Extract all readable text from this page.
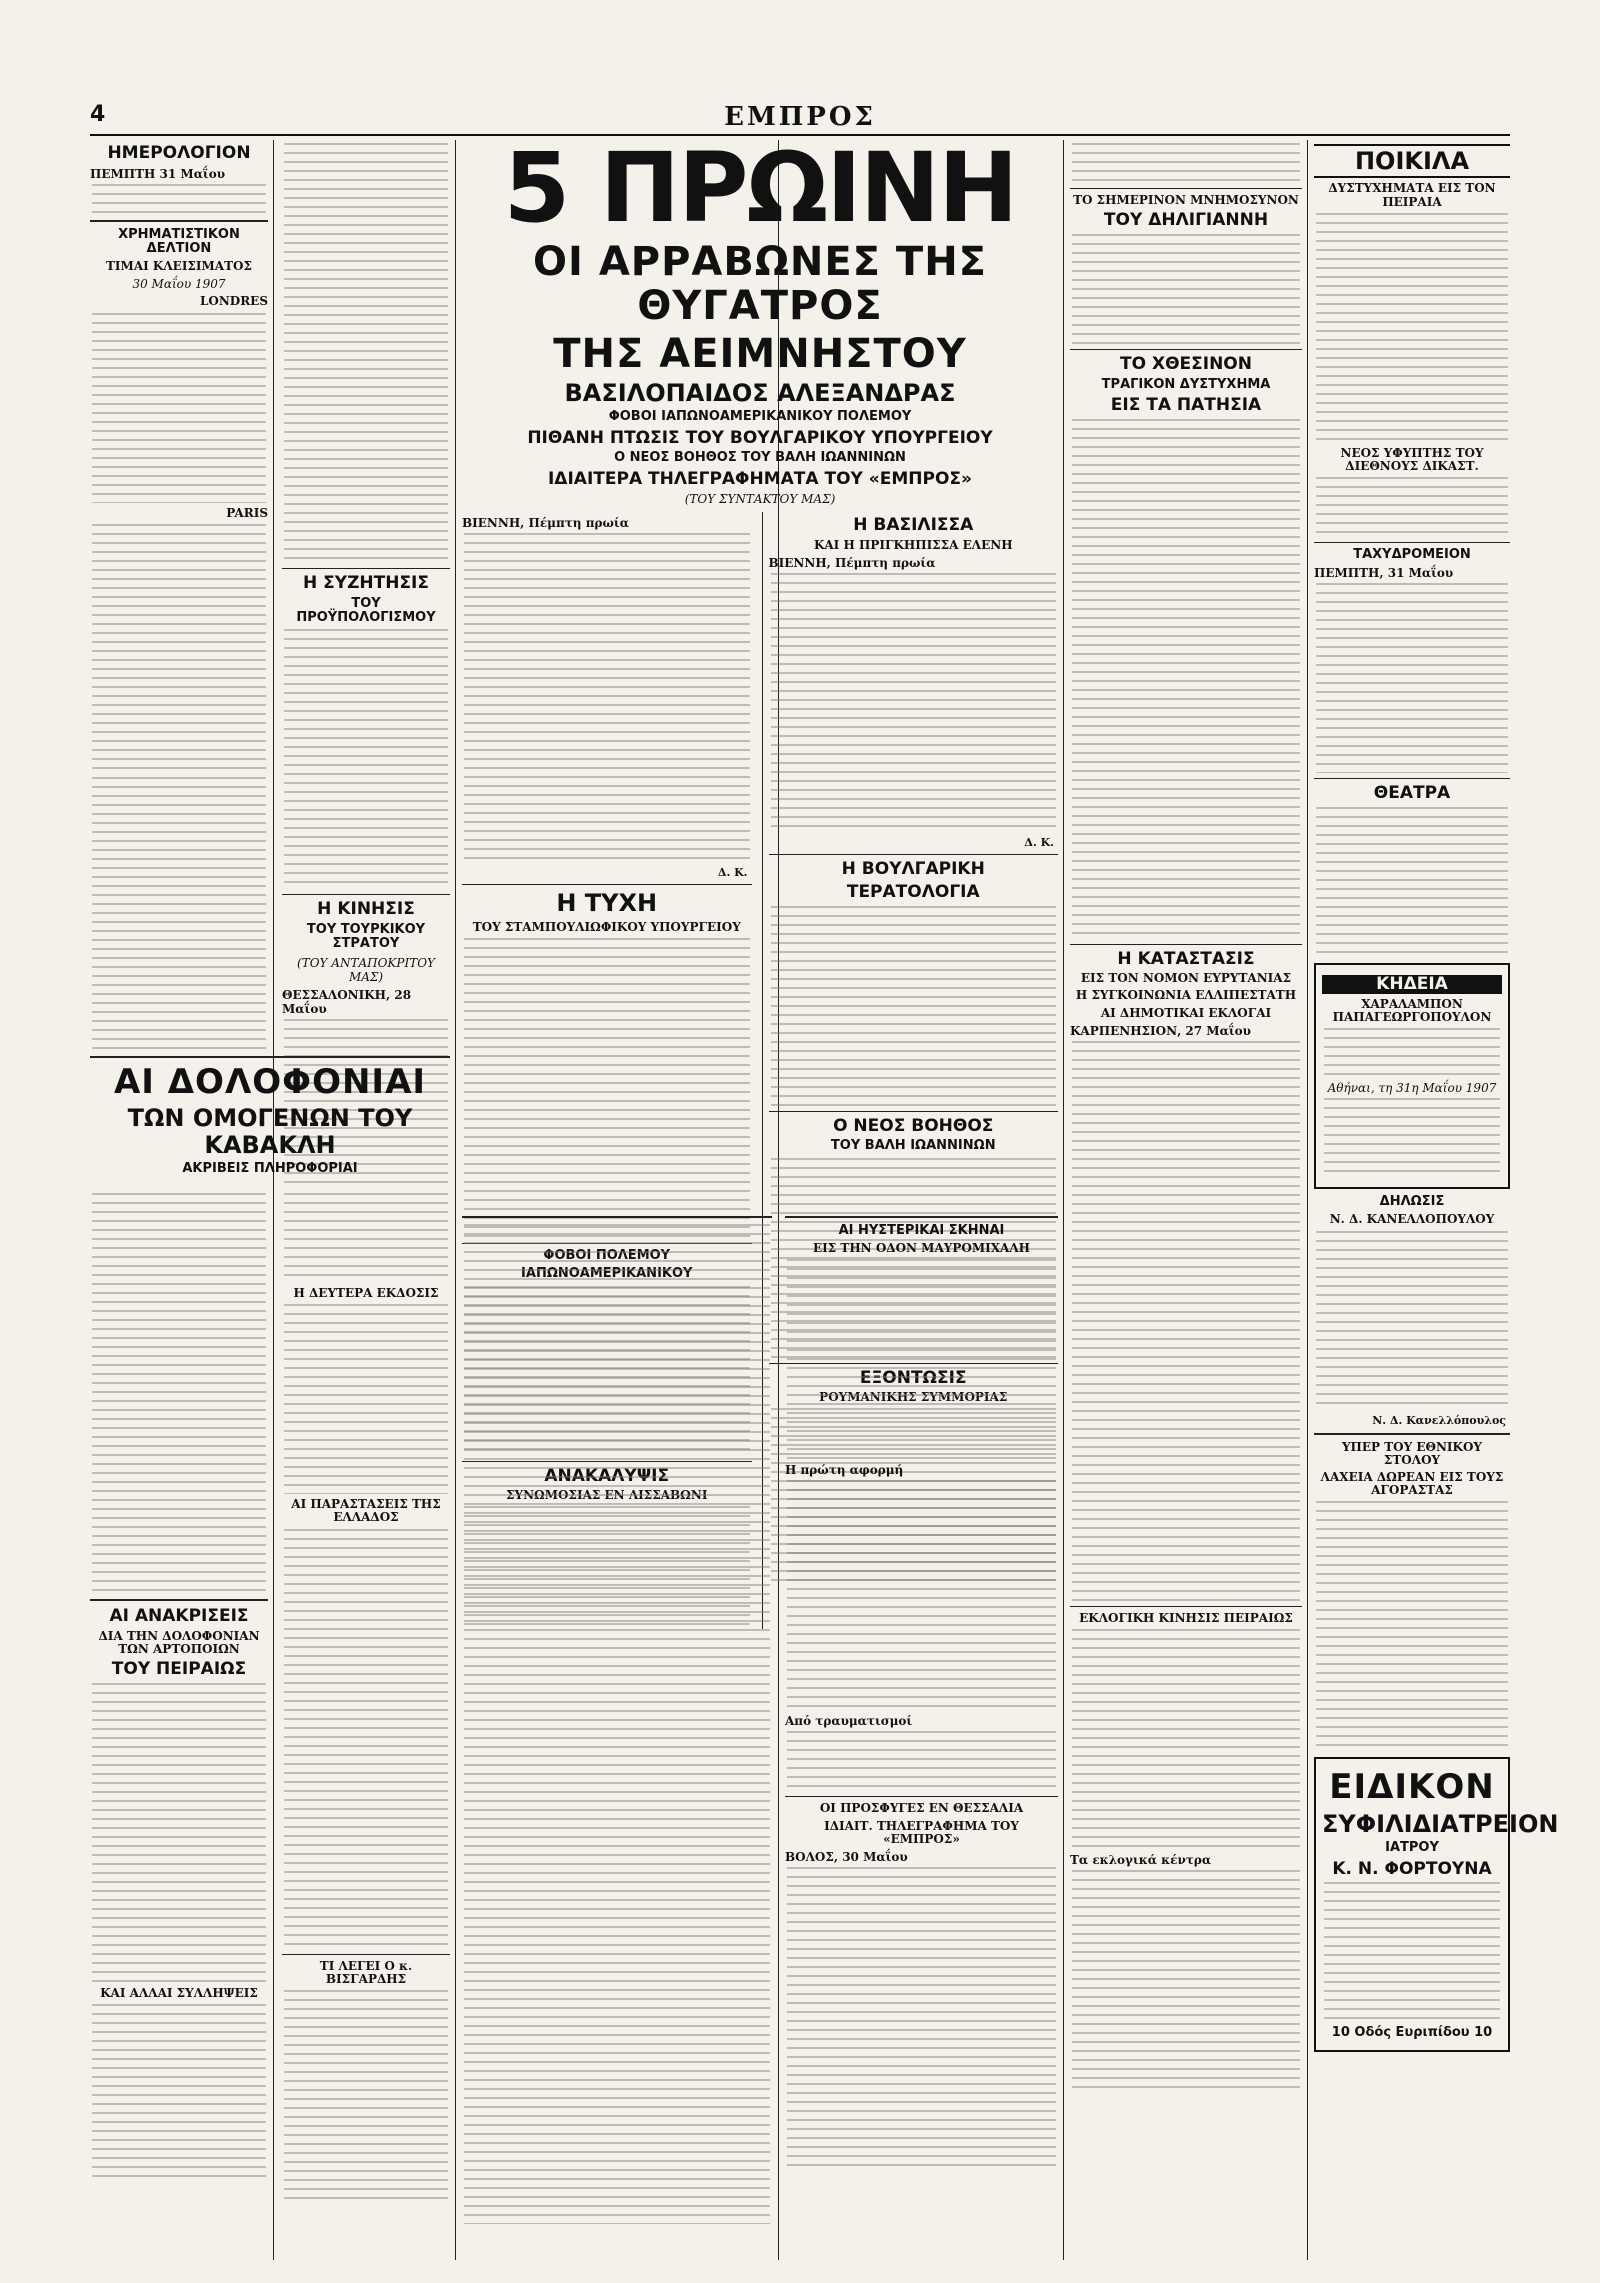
4	ΕΜΠΡΟΣ
ΗΜΕΡΟΛΟΓΙΟΝ
ΠΕΜΠΤΗ 31 Μαΐου
ΧΡΗΜΑΤΙΣΤΙΚΟΝ ΔΕΛΤΙΟΝ
ΤΙΜΑΙ ΚΛΕΙΣΙΜΑΤΟΣ
30 Μαΐου 1907
LONDRES
PARIS
Η ΣΥΖΗΤΗΣΙΣ
ΤΟΥ ΠΡΟΫΠΟΛΟΓΙΣΜΟΥ
Η ΚΙΝΗΣΙΣ
ΤΟΥ ΤΟΥΡΚΙΚΟΥ ΣΤΡΑΤΟΥ
(ΤΟΥ ΑΝΤΑΠΟΚΡΙΤΟΥ ΜΑΣ)
ΘΕΣΣΑΛΟΝΙΚΗ, 28 Μαΐου
ΑΙ ΔΟΛΟΦΟΝΙΑΙ
ΤΩΝ ΟΜΟΓΕΝΩΝ ΤΟΥ ΚΑΒΑΚΛΗ
ΑΚΡΙΒΕΙΣ ΠΛΗΡΟΦΟΡΙΑΙ
ΑΙ ΑΝΑΚΡΙΣΕΙΣ
ΔΙΑ ΤΗΝ ΔΟΛΟΦΟΝΙΑΝ ΤΩΝ ΑΡΤΟΠΟΙΩΝ
ΤΟΥ ΠΕΙΡΑΙΩΣ
ΚΑΙ ΑΛΛΑΙ ΣΥΛΛΗΨΕΙΣ
Η ΔΕΥΤΕΡΑ ΕΚΔΟΣΙΣ
ΑΙ ΠΑΡΑΣΤΑΣΕΙΣ ΤΗΣ ΕΛΛΑΔΟΣ
ΤΙ ΛΕΓΕΙ Ο κ. ΒΙΣΓΑΡΔΗΣ
5 ΠΡΩΙΝΗ
ΟΙ ΑΡΡΑΒΩΝΕΣ ΤΗΣ ΘΥΓΑΤΡΟΣ
ΤΗΣ ΑΕΙΜΝΗΣΤΟΥ
ΒΑΣΙΛΟΠΑΙΔΟΣ ΑΛΕΞΑΝΔΡΑΣ
ΦΟΒΟΙ ΙΑΠΩΝΟΑΜΕΡΙΚΑΝΙΚΟΥ ΠΟΛΕΜΟΥ
ΠΙΘΑΝΗ ΠΤΩΣΙΣ ΤΟΥ ΒΟΥΛΓΑΡΙΚΟΥ ΥΠΟΥΡΓΕΙΟΥ
Ο ΝΕΟΣ ΒΟΗΘΟΣ ΤΟΥ ΒΑΛΗ ΙΩΑΝΝΙΝΩΝ
ΙΔΙΑΙΤΕΡΑ ΤΗΛΕΓΡΑΦΗΜΑΤΑ ΤΟΥ «ΕΜΠΡΟΣ»
(ΤΟΥ ΣΥΝΤΑΚΤΟΥ ΜΑΣ)
ΒΙΕΝΝΗ, Πέμπτη πρωία
Δ. Κ.
Η ΤΥΧΗ
ΤΟΥ ΣΤΑΜΠΟΥΛΙΩΦΙΚΟΥ ΥΠΟΥΡΓΕΙΟΥ
ΦΟΒΟΙ ΠΟΛΕΜΟΥ
ΙΑΠΩΝΟΑΜΕΡΙΚΑΝΙΚΟΥ
ΑΝΑΚΑΛΥΨΙΣ
ΣΥΝΩΜΟΣΙΑΣ ΕΝ ΛΙΣΣΑΒΩΝΙ
Η ΒΑΣΙΛΙΣΣΑ
ΚΑΙ Η ΠΡΙΓΚΗΠΙΣΣΑ ΕΛΕΝΗ
ΒΙΕΝΝΗ, Πέμπτη πρωία
Δ. Κ.
Η ΒΟΥΛΓΑΡΙΚΗ
ΤΕΡΑΤΟΛΟΓΙΑ
Ο ΝΕΟΣ ΒΟΗΘΟΣ
ΤΟΥ ΒΑΛΗ ΙΩΑΝΝΙΝΩΝ
ΕΞΟΝΤΩΣΙΣ
ΡΟΥΜΑΝΙΚΗΣ ΣΥΜΜΟΡΙΑΣ
ΑΙ ΗΥΣΤΕΡΙΚΑΙ ΣΚΗΝΑΙ
ΕΙΣ ΤΗΝ ΟΔΟΝ ΜΑΥΡΟΜΙΧΑΛΗ
Η πρώτη αφορμή
Από τραυματισμοί
ΟΙ ΠΡΟΣΦΥΓΕΣ ΕΝ ΘΕΣΣΑΛΙΑ
ΙΔΙΑΙΤ. ΤΗΛΕΓΡΑΦΗΜΑ ΤΟΥ «ΕΜΠΡΟΣ»
ΒΟΛΟΣ, 30 Μαΐου
ΤΟ ΣΗΜΕΡΙΝΟΝ ΜΝΗΜΟΣΥΝΟΝ
ΤΟΥ ΔΗΛΙΓΙΑΝΝΗ
ΤΟ ΧΘΕΣΙΝΟΝ
ΤΡΑΓΙΚΟΝ ΔΥΣΤΥΧΗΜΑ
ΕΙΣ ΤΑ ΠΑΤΗΣΙΑ
Η ΚΑΤΑΣΤΑΣΙΣ
ΕΙΣ ΤΟΝ ΝΟΜΟΝ ΕΥΡΥΤΑΝΙΑΣ
Η ΣΥΓΚΟΙΝΩΝΙΑ ΕΛΛΙΠΕΣΤΑΤΗ
ΑΙ ΔΗΜΟΤΙΚΑΙ ΕΚΛΟΓΑΙ
ΚΑΡΠΕΝΗΣΙΟΝ, 27 Μαΐου
ΕΚΛΟΓΙΚΗ ΚΙΝΗΣΙΣ ΠΕΙΡΑΙΩΣ
Τα εκλογικά κέντρα
ΠΟΙΚΙΛΑ
ΔΥΣΤΥΧΗΜΑΤΑ ΕΙΣ ΤΟΝ ΠΕΙΡΑΙΑ
ΝΕΟΣ ΥΦΥΠΤΗΣ ΤΟΥ ΔΙΕΘΝΟΥΣ ΔΙΚΑΣΤ.
ΤΑΧΥΔΡΟΜΕΙΟΝ
ΠΕΜΠΤΗ, 31 Μαΐου
ΘΕΑΤΡΑ
ΚΗΔΕΙΑ
ΧΑΡΑΛΑΜΠΟΝ ΠΑΠΑΓΕΩΡΓΟΠΟΥΛΟΝ
Αθήναι, τη 31η Μαΐου 1907
ΔΗΛΩΣΙΣ
Ν. Δ. ΚΑΝΕΛΛΟΠΟΥΛΟΥ
Ν. Δ. Κανελλόπουλος
ΥΠΕΡ ΤΟΥ ΕΘΝΙΚΟΥ ΣΤΟΛΟΥ
ΛΑΧΕΙΑ ΔΩΡΕΑΝ ΕΙΣ ΤΟΥΣ ΑΓΟΡΑΣΤΑΣ
ΕΙΔΙΚΟΝ
ΣΥΦΙΛΙΔΙΑΤΡΕΙΟΝ
ΙΑΤΡΟΥ
Κ. Ν. ΦΟΡΤΟΥΝΑ
10 Οδός Ευριπίδου 10
